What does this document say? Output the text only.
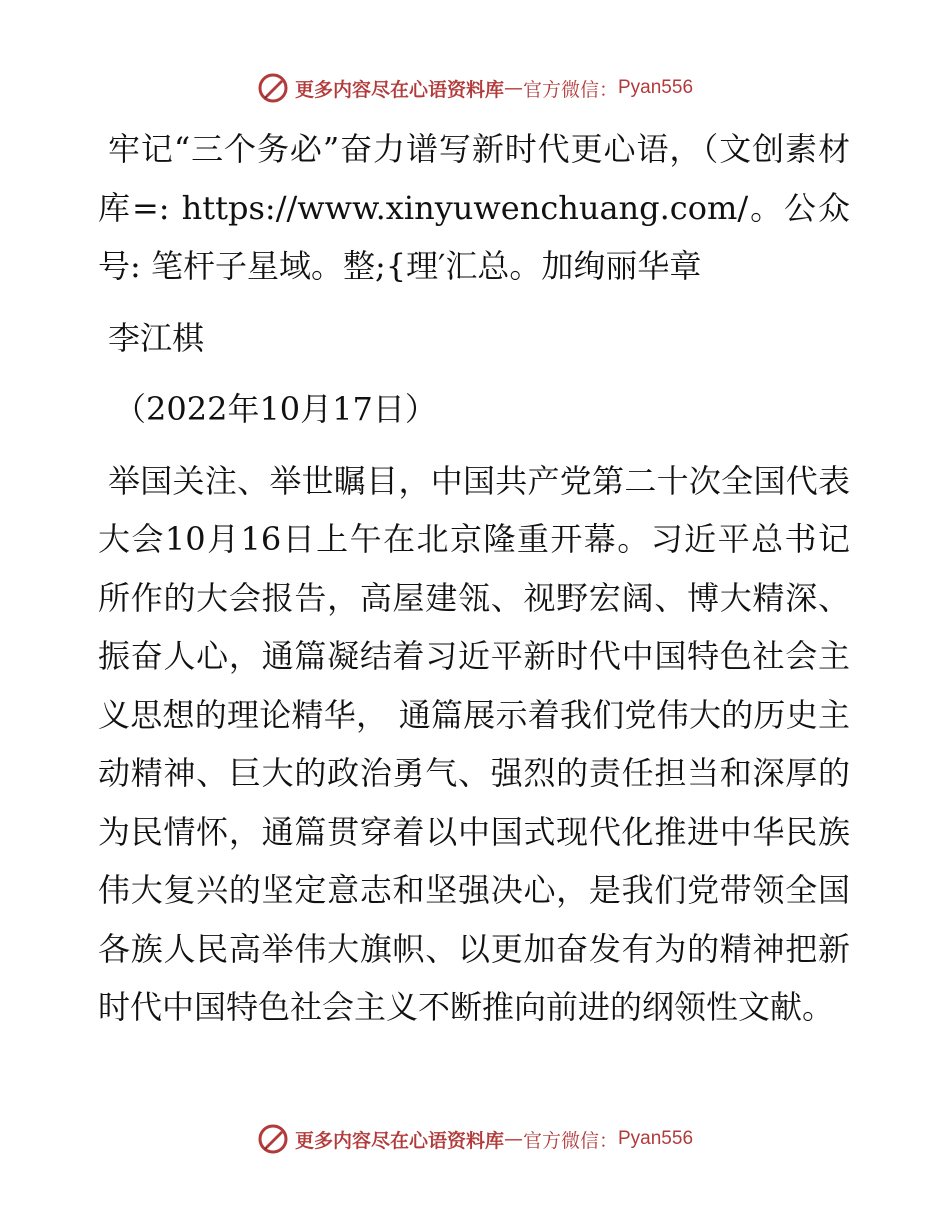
更多内容尽在心语资料库 — 官方微信： Pyan556

牢记“三个务必”奋力谱写新时代更心语，（文创素材库=: https://www.xinyuwenchuang.com/。公众号: 笔杆子星域。整;{理′汇总。加绚丽华章

李江棋

（2022年10月17日）

举国关注、举世瞩目，中国共产党第二十次全国代表大会10月16日上午在北京隆重开幕。习近平总书记所作的大会报告，高屋建瓴、视野宏阔、博大精深、振奋人心，通篇凝结着习近平新时代中国特色社会主义思想的理论精华， 通篇展示着我们党伟大的历史主动精神、巨大的政治勇气、强烈的责任担当和深厚的为民情怀，通篇贯穿着以中国式现代化推进中华民族伟大复兴的坚定意志和坚强决心，是我们党带领全国各族人民高举伟大旗帜、以更加奋发有为的精神把新时代中国特色社会主义不断推向前进的纲领性文献。

更多内容尽在心语资料库 — 官方微信： Pyan556
